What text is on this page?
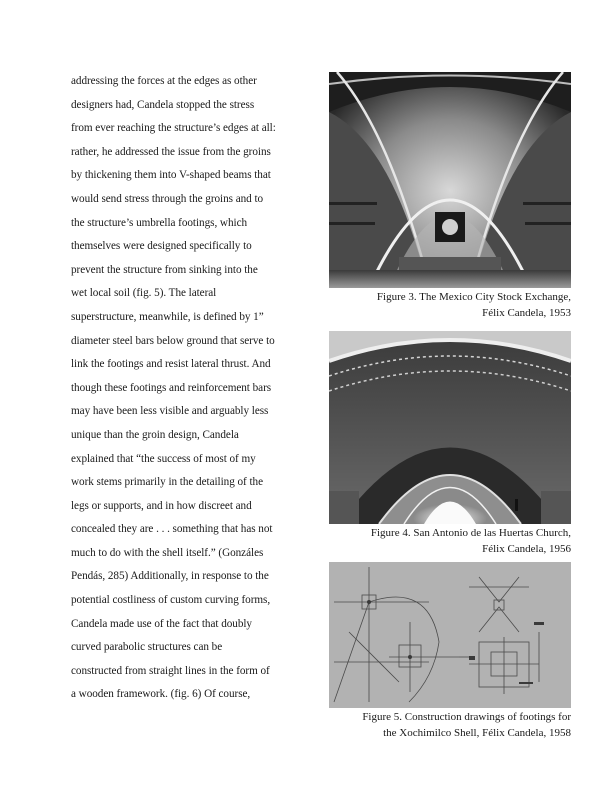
addressing the forces at the edges as other
designers had, Candela stopped the stress
from ever reaching the structure’s edges at all:
rather, he addressed the issue from the groins
by thickening them into V-shaped beams that
would send stress through the groins and to
the structure’s umbrella footings, which
themselves were designed specifically to
prevent the structure from sinking into the
wet local soil (fig. 5). The lateral
superstructure, meanwhile, is defined by 1”
diameter steel bars below ground that serve to
link the footings and resist lateral thrust. And
though these footings and reinforcement bars
may have been less visible and arguably less
unique than the groin design, Candela
explained that “the success of most of my
work stems primarily in the detailing of the
legs or supports, and in how discreet and
concealed they are . . . something that has not
much to do with the shell itself.” (Gonzáles
Pendás, 285) Additionally, in response to the
potential costliness of custom curving forms,
Candela made use of the fact that doubly
curved parabolic structures can be
constructed from straight lines in the form of
a wooden framework. (fig. 6) Of course,
Figure 3. The Mexico City Stock Exchange,
Félix Candela, 1953
Figure 4. San Antonio de las Huertas Church,
Félix Candela, 1956
Figure 5. Construction drawings of footings for
the Xochimilco Shell, Félix Candela, 1958
